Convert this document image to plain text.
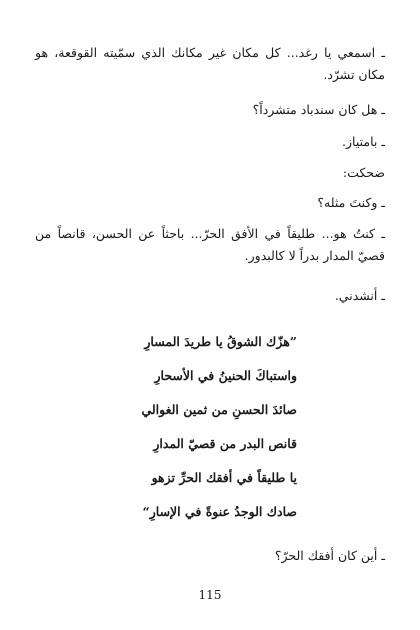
ـ اسمعي يا رغد... كل مكان غير مكانك الذي سمّيته القوقعة، هو مكان تشرّد.

ـ هل كان سندباد متشرداً؟

ـ بامتياز.

ضحكت:

ـ وكنتَ مثله؟

ـ كنتُ هو... طليقاً في الأفق الحرّ... باحثاً عن الحسن، قانصاً من قصيّ المدار بدراً لا كالبدور.

ـ أنشدني.

”هزّك الشوقُ يا طريدَ المسارِ

واستباكَ الحنينُ في الأسحارِ

صائدَ الحسنِ من ثمين الغوالي

قانص البدر من قصيّ المدارِ

يا طليقاً في أفقك الحرِّ تزهو

صادك الوجدُ عنوةً في الإسارِ“

ـ أين كان أفقك الحرّ؟

115
